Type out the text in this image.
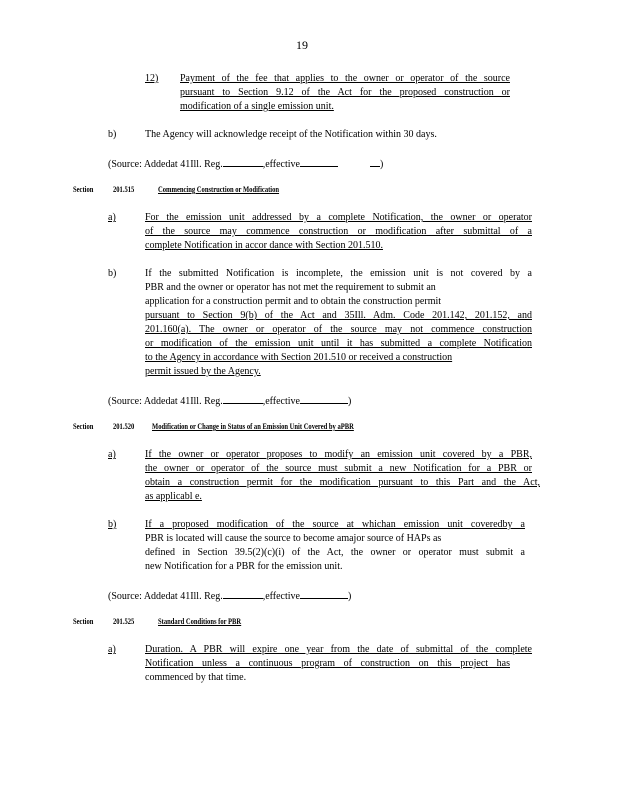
19
12) Payment of the fee that applies to the owner or operator of the source
pursuant to Section 9.12 of the Act for the proposed construction or
modification of a single emission unit.
b)	The Agency will acknowledge receipt of the Notification within 30 days.
(Source: Addedat 41Ill. Reg.	,effective	)
Section 201.515	Commencing Construction or Modification
a)	For the emission unit addressed by a complete Notification, the owner or operator
of the source may commence construction or modification after submittal of a
complete Notification in accor dance with Section 201.510.
b)	If the submitted Notification is incomplete, the emission unit is not covered by a
PBR and the owner or operator has not met the requirement to submit an
application for a construction permit and to obtain the construction permit
pursuant to Section 9(b) of the Act and 35Ill. Adm. Code 201.142, 201.152, and
201.160(a). The owner or operator of the source may not commence construction
or modification of the emission unit until it has submitted a complete Notification
to the Agency in accordance with Section 201.510 or received a construction
permit issued by the Agency.
(Source: Addedat 41Ill. Reg.	,effective	)
Section 201.520 Modification or Change in Status of an Emission Unit Covered by aPBR
a)	If the owner or operator proposes to modify an emission unit covered by a PBR,
the owner or operator of the source must submit a new Notification for a PBR or
obtain a construction permit for the modification pursuant to this Part and the Act,
as applicabl e.
b)	If a proposed modification of the source at whichan emission unit coveredby a
PBR is located will cause the source to become amajor source of HAPs as
defined in Section 39.5(2)(c)(i) of the Act, the owner or operator must submit a
new Notification for a PBR for the emission unit.
(Source: Addedat 41Ill. Reg.	,effective	)
Section 201.525	Standard Conditions for PBR
a)	Duration. A PBR will expire one year from the date of submittal of the complete
Notification unless a continuous program of construction on this project has
commenced by that time.
